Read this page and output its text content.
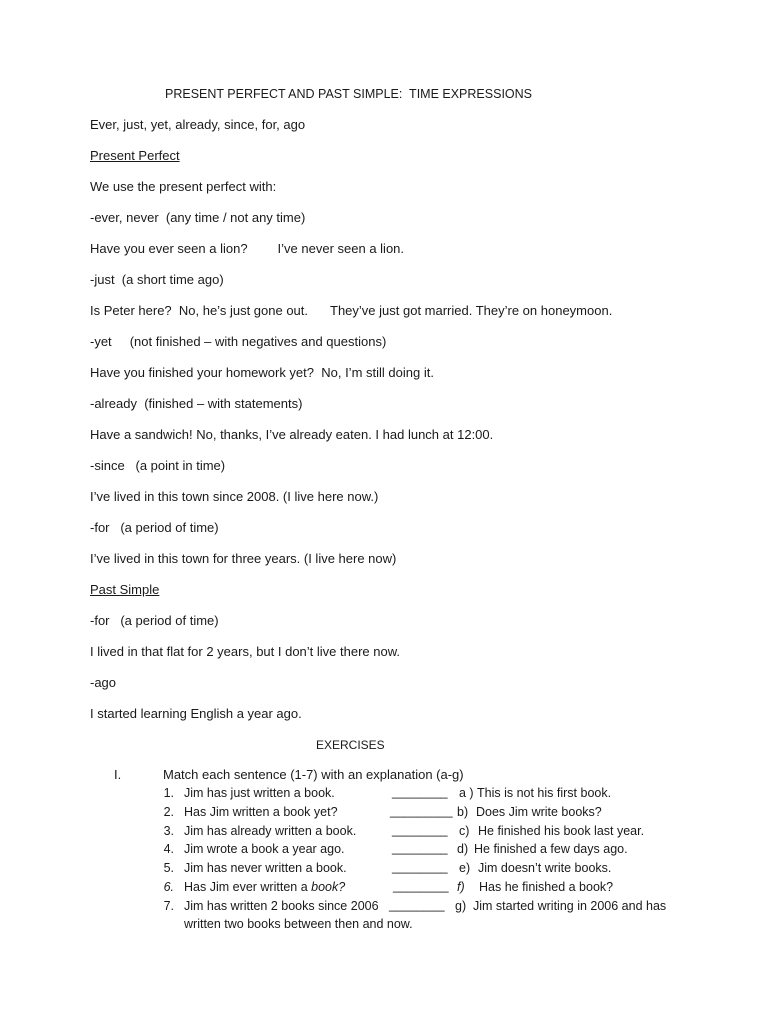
PRESENT PERFECT AND PAST SIMPLE:  TIME EXPRESSIONS
Ever, just, yet, already, since, for, ago
Present Perfect
We use the present perfect with:
-ever, never  (any time / not any time)
Have you ever seen a lion? I’ve never seen a lion.
-just  (a short time ago)
Is Peter here?  No, he’s just gone out. They’ve just got married. They’re on honeymoon.
-yet     (not finished – with negatives and questions)
Have you finished your homework yet?  No, I’m still doing it.
-already  (finished – with statements)
Have a sandwich! No, thanks, I’ve already eaten. I had lunch at 12:00.
-since   (a point in time)
I’ve lived in this town since 2008. (I live here now.)
-for   (a period of time)
I’ve lived in this town for three years. (I live here now)
Past Simple
-for   (a period of time)
I lived in that flat for 2 years, but I don’t live there now.
-ago
I started learning English a year ago.
EXERCISES
I.	Match each sentence (1-7) with an explanation (a-g)
1. Jim has just written a book.	________ a ) This is not his first book.
2. Has Jim written a book yet?	_________ b) Does Jim write books?
3. Jim has already written a book.	________ c) He finished his book last year.
4. Jim wrote a book a year ago.	________ d) He finished a few days ago.
5. Jim has never written a book.	________ e) Jim doesn’t write books.
6. Has Jim ever written a book?	________ f) Has he finished a book?
7. Jim has written 2 books since 2006 ________ g) Jim started writing in 2006 and has
written two books between then and now.
